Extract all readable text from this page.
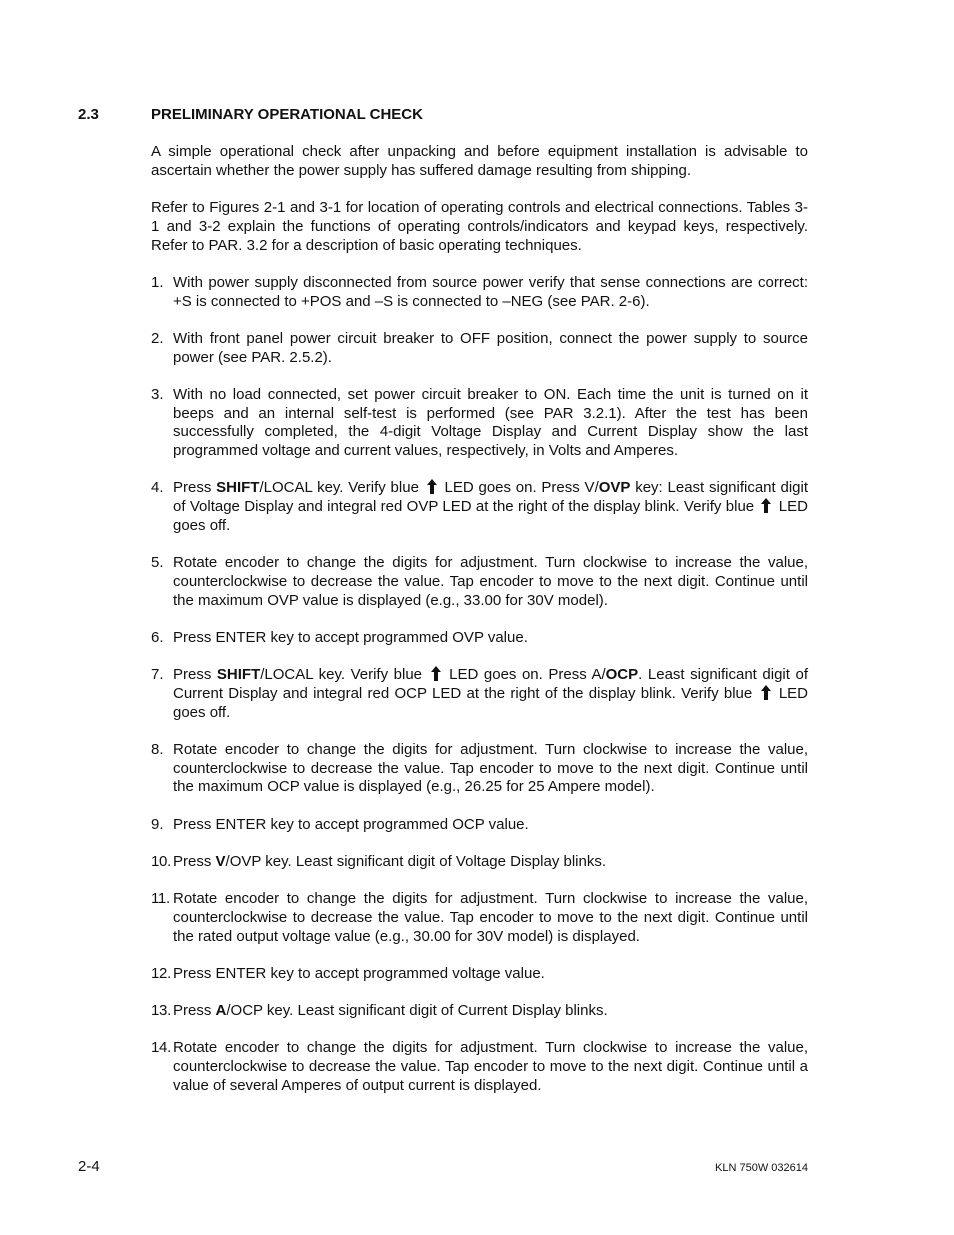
2.3	PRELIMINARY OPERATIONAL CHECK

A simple operational check after unpacking and before equipment installation is advisable to ascertain whether the power supply has suffered damage resulting from shipping.

Refer to Figures 2-1 and 3-1 for location of operating controls and electrical connections. Tables 3-1 and 3-2 explain the functions of operating controls/indicators and keypad keys, respectively. Refer to PAR. 3.2 for a description of basic operating techniques.

1. With power supply disconnected from source power verify that sense connections are correct: +S is connected to +POS and –S is connected to –NEG (see PAR. 2-6).
2. With front panel power circuit breaker to OFF position, connect the power supply to source power (see PAR. 2.5.2).
3. With no load connected, set power circuit breaker to ON. Each time the unit is turned on it beeps and an internal self-test is performed (see PAR 3.2.1). After the test has been successfully completed, the 4-digit Voltage Display and Current Display show the last programmed voltage and current values, respectively, in Volts and Amperes.
4. Press SHIFT/LOCAL key. Verify blue  LED goes on. Press V/OVP key: Least significant digit of Voltage Display and integral red OVP LED at the right of the display blink. Verify blue  LED goes off.
5. Rotate encoder to change the digits for adjustment. Turn clockwise to increase the value, counterclockwise to decrease the value. Tap encoder to move to the next digit. Continue until the maximum OVP value is displayed (e.g., 33.00 for 30V model).
6. Press ENTER key to accept programmed OVP value.
7. Press SHIFT/LOCAL key. Verify blue  LED goes on. Press A/OCP. Least significant digit of Current Display and integral red OCP LED at the right of the display blink. Verify blue  LED goes off.
8. Rotate encoder to change the digits for adjustment. Turn clockwise to increase the value, counterclockwise to decrease the value. Tap encoder to move to the next digit. Continue until the maximum OCP value is displayed (e.g., 26.25 for 25 Ampere model).
9. Press ENTER key to accept programmed OCP value.
10. Press V/OVP key. Least significant digit of Voltage Display blinks.
11. Rotate encoder to change the digits for adjustment. Turn clockwise to increase the value, counterclockwise to decrease the value. Tap encoder to move to the next digit. Continue until the rated output voltage value (e.g., 30.00 for 30V model) is displayed.
12. Press ENTER key to accept programmed voltage value.
13. Press A/OCP key. Least significant digit of Current Display blinks.
14. Rotate encoder to change the digits for adjustment. Turn clockwise to increase the value, counterclockwise to decrease the value. Tap encoder to move to the next digit. Continue until a value of several Amperes of output current is displayed.
2-4	KLN 750W 032614
